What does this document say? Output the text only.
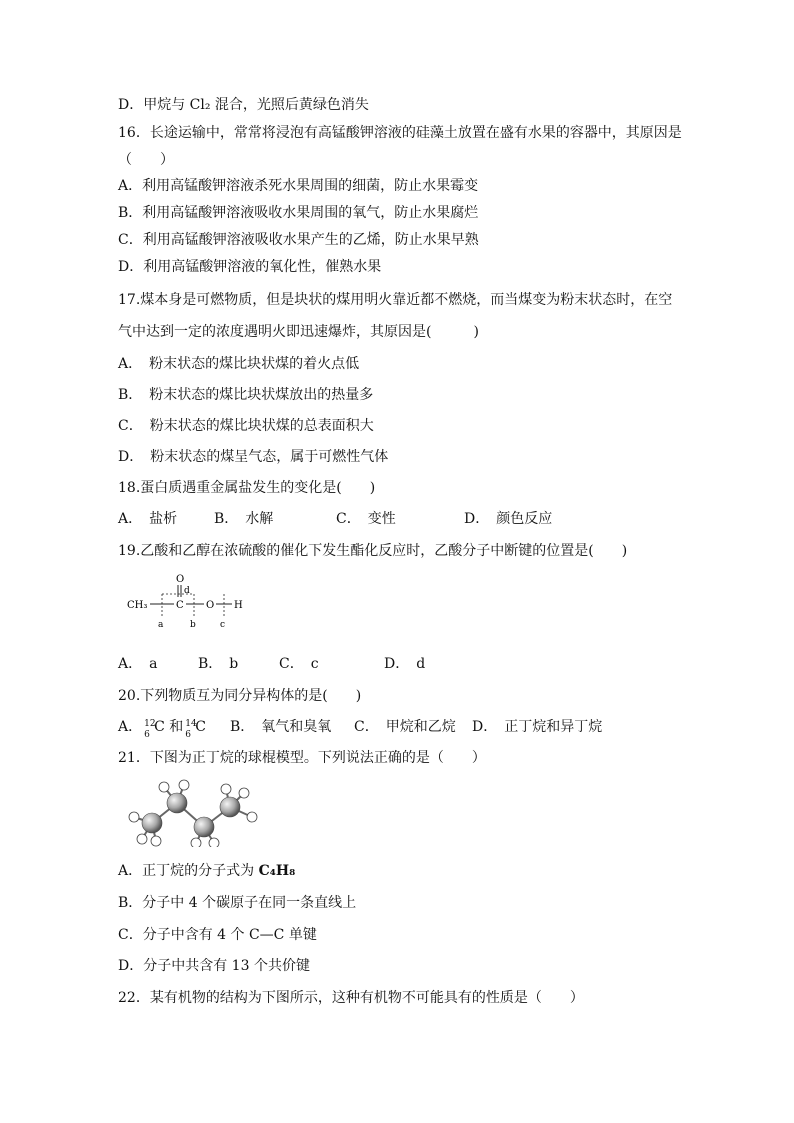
D．甲烷与 Cl₂ 混合，光照后黄绿色消失
16．长途运输中，常常将浸泡有高锰酸钾溶液的硅藻土放置在盛有水果的容器中，其原因是
（　　）
A．利用高锰酸钾溶液杀死水果周围的细菌，防止水果霉变
B．利用高锰酸钾溶液吸收水果周围的氧气，防止水果腐烂
C．利用高锰酸钾溶液吸收水果产生的乙烯，防止水果早熟
D．利用高锰酸钾溶液的氧化性，催熟水果
17.煤本身是可燃物质，但是块状的煤用明火靠近都不燃烧，而当煤变为粉末状态时，在空
气中达到一定的浓度遇明火即迅速爆炸，其原因是(　　　)
A．　粉末状态的煤比块状煤的着火点低
B．　粉末状态的煤比块状煤放出的热量多
C．　粉末状态的煤比块状煤的总表面积大
D．　粉末状态的煤呈气态，属于可燃性气体
18.蛋白质遇重金属盐发生的变化是(　　)
A．　盐析	B．　水解	C．　变性	D．　颜色反应
19.乙酸和乙醇在浓硫酸的催化下发生酯化反应时，乙酸分子中断键的位置是(　　)
CH₃	C
O
d
O H
a	b	c
A．　a	B．　b	C．　c	D．　d
20.下列物质互为同分异构体的是(　　)
A． 12
6 C 和 14
6 C B．　氧气和臭氧 C．　甲烷和乙烷 D．　正丁烷和异丁烷
21．下图为正丁烷的球棍模型。下列说法正确的是（　　）
A．正丁烷的分子式为 C₄H₈
B．分子中 4 个碳原子在同一条直线上
C．分子中含有 4 个 C—C 单键
D．分子中共含有 13 个共价键
22．某有机物的结构为下图所示，这种有机物不可能具有的性质是（　　）
